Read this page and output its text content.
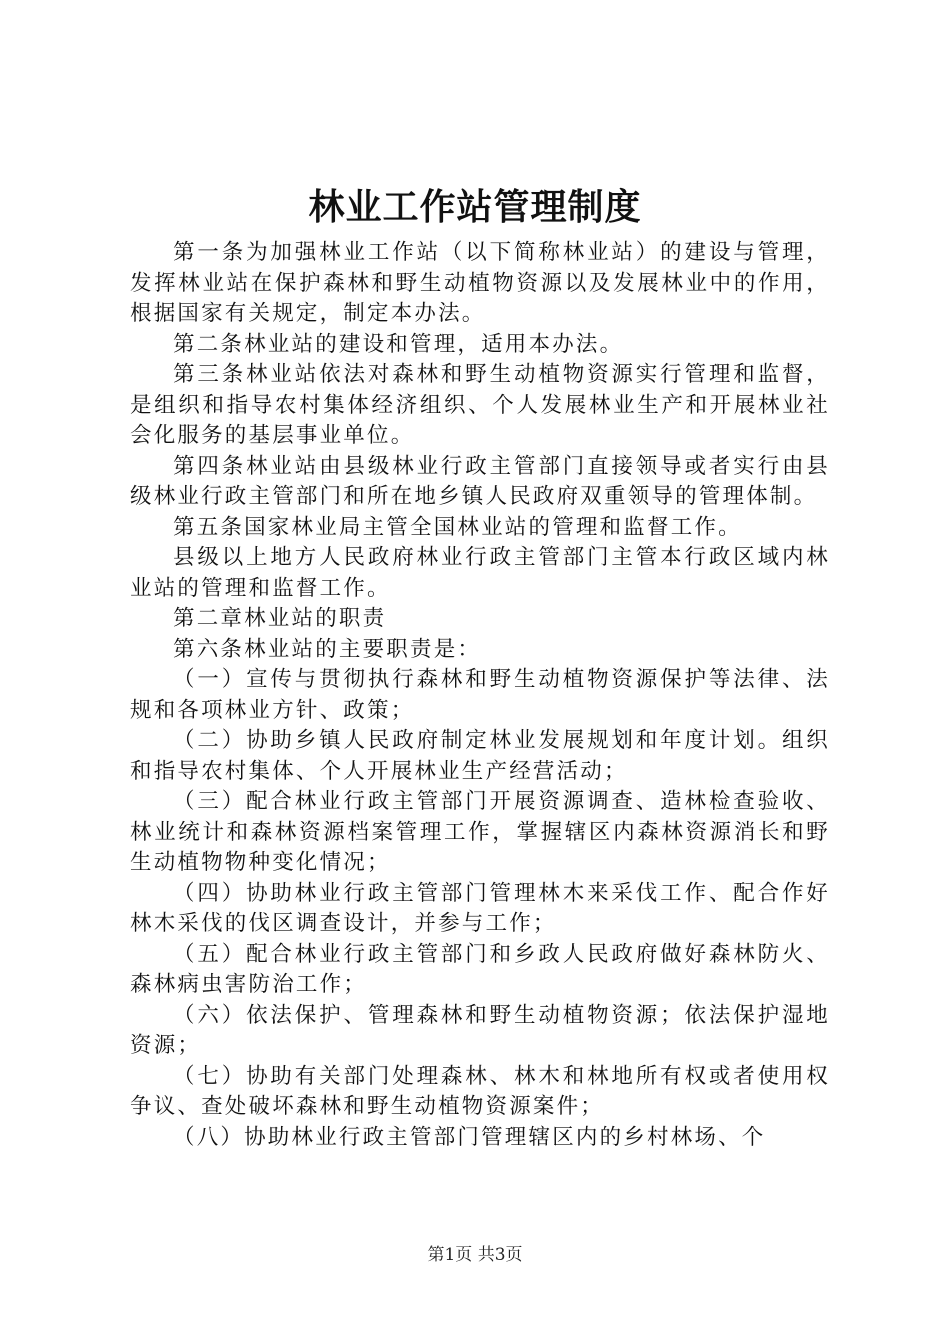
林业工作站管理制度

第一条为加强林业工作站（以下简称林业站）的建设与管理，发挥林业站在保护森林和野生动植物资源以及发展林业中的作用，根据国家有关规定，制定本办法。

第二条林业站的建设和管理，适用本办法。

第三条林业站依法对森林和野生动植物资源实行管理和监督，是组织和指导农村集体经济组织、个人发展林业生产和开展林业社会化服务的基层事业单位。

第四条林业站由县级林业行政主管部门直接领导或者实行由县级林业行政主管部门和所在地乡镇人民政府双重领导的管理体制。

第五条国家林业局主管全国林业站的管理和监督工作。

县级以上地方人民政府林业行政主管部门主管本行政区域内林业站的管理和监督工作。

第二章林业站的职责

第六条林业站的主要职责是：

（一）宣传与贯彻执行森林和野生动植物资源保护等法律、法规和各项林业方针、政策；

（二）协助乡镇人民政府制定林业发展规划和年度计划。组织和指导农村集体、个人开展林业生产经营活动；

（三）配合林业行政主管部门开展资源调查、造林检查验收、林业统计和森林资源档案管理工作，掌握辖区内森林资源消长和野生动植物物种变化情况；

（四）协助林业行政主管部门管理林木来采伐工作、配合作好林木采伐的伐区调查设计，并参与工作；

（五）配合林业行政主管部门和乡政人民政府做好森林防火、森林病虫害防治工作；

（六）依法保护、管理森林和野生动植物资源；依法保护湿地资源；

（七）协助有关部门处理森林、林木和林地所有权或者使用权争议、查处破坏森林和野生动植物资源案件；

（八）协助林业行政主管部门管理辖区内的乡村林场、个

第1页 共3页
